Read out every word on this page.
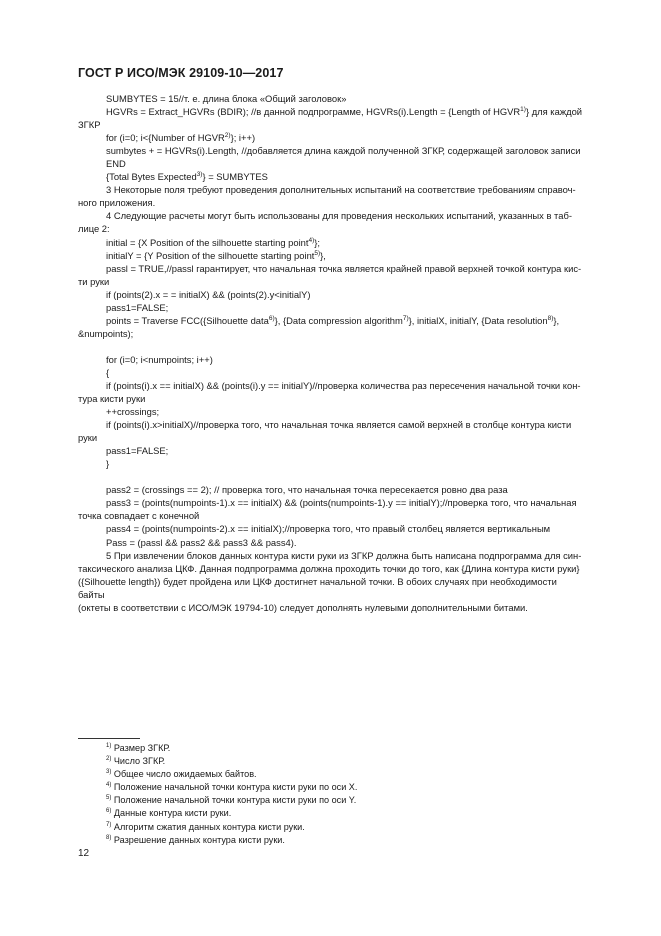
ГОСТ Р ИСО/МЭК 29109-10—2017

SUMBYTES = 15//т. е. длина блока «Общий заголовок»

HGVRs = Extract_HGVRs (BDIR); //в данной подпрограмме, HGVRs(i).Length = {Length of HGVR$^{1)}$} для каждой

ЗГКР

for (i=0; i<{Number of HGVR$^{2)}$}; i++)

sumbytes + = HGVRs(i).Length, //добавляется длина каждой полученной ЗГКР, содержащей заголовок записи

END

{Total Bytes Expected$^{3)}$} = SUMBYTES

3 Некоторые поля требуют проведения дополнительных испытаний на соответствие требованиям справоч-

ного приложения.

4 Следующие расчеты могут быть использованы для проведения нескольких испытаний, указанных в таб-

лице 2:

initial = {X Position of the silhouette starting point$^{4)}$};

initialY = {Y Position of the silhouette starting point$^{5)}$},

passl = TRUE,//passl гарантирует, что начальная точка является крайней правой верхней точкой контура кис-

ти руки

if (points(2).x = = initialX) && (points(2).y<initialY)

pass1=FALSE;

points = Traverse FCC({Silhouette data$^{6)}$}, {Data compression algorithm$^{7)}$}, initialX, initialY, {Data resolution$^{8)}$},

&numpoints);

for (i=0; i<numpoints; i++)

{

if (points(i).x == initialX) && (points(i).y == initialY)//проверка количества раз пересечения начальной точки кон-

тура кисти руки

++crossings;

if (points(i).x>initialX)//проверка того, что начальная точка является самой верхней в столбце контура кисти

руки

pass1=FALSE;

}

pass2 = (crossings == 2); // проверка того, что начальная точка пересекается ровно два раза

pass3 = (points(numpoints-1).x == initialX) && (points(numpoints-1).y == initialY);//проверка того, что начальная

точка совпадает с конечной

pass4 = (points(numpoints-2).x == initialX);//проверка того, что правый столбец является вертикальным

Pass = (passl && pass2 && pass3 && pass4).

5 При извлечении блоков данных контура кисти руки из ЗГКР должна быть написана подпрограмма для син-

таксического анализа ЦКФ. Данная подпрограмма должна проходить точки до того, как {Длина контура кисти руки}

({Silhouette length}) будет пройдена или ЦКФ достигнет начальной точки. В обоих случаях при необходимости байты

(октеты в соответствии с ИСО/МЭК 19794-10) следует дополнять нулевыми дополнительными битами.

$^{1)}$ Размер ЗГКР.

$^{2)}$ Число ЗГКР.

$^{3)}$ Общее число ожидаемых байтов.

$^{4)}$ Положение начальной точки контура кисти руки по оси X.

$^{5)}$ Положение начальной точки контура кисти руки по оси Y.

$^{6)}$ Данные контура кисти руки.

$^{7)}$ Алгоритм сжатия данных контура кисти руки.

$^{8)}$ Разрешение данных контура кисти руки.

12
